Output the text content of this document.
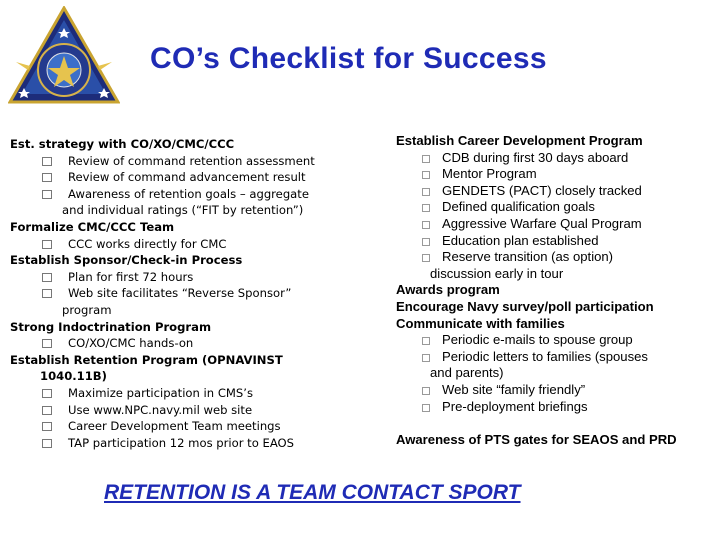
CO’s Checklist for Success
Est. strategy with CO/XO/CMC/CCC
Review of command retention assessment
Review of command advancement result
Awareness of retention goals – aggregate
and individual ratings (“FIT by retention”)
Formalize CMC/CCC Team
CCC works directly for CMC
Establish Sponsor/Check-in Process
Plan for first 72 hours
Web site facilitates “Reverse Sponsor”
program
Strong Indoctrination Program
CO/XO/CMC hands-on
Establish Retention Program (OPNAVINST
1040.11B)
Maximize participation in CMS’s
Use www.NPC.navy.mil web site
Career Development Team meetings
TAP participation 12 mos prior to EAOS
Establish Career Development Program
CDB during first 30 days aboard
Mentor Program
GENDETS (PACT) closely tracked
Defined qualification goals
Aggressive Warfare Qual Program
Education plan established
Reserve transition (as option)
discussion early in tour
Awards program
Encourage Navy survey/poll participation
Communicate with families
Periodic e-mails to spouse group
Periodic letters to families (spouses
and parents)
Web site “family friendly”
Pre-deployment briefings
Awareness of PTS gates for SEAOS and PRD
RETENTION IS A TEAM CONTACT SPORT
